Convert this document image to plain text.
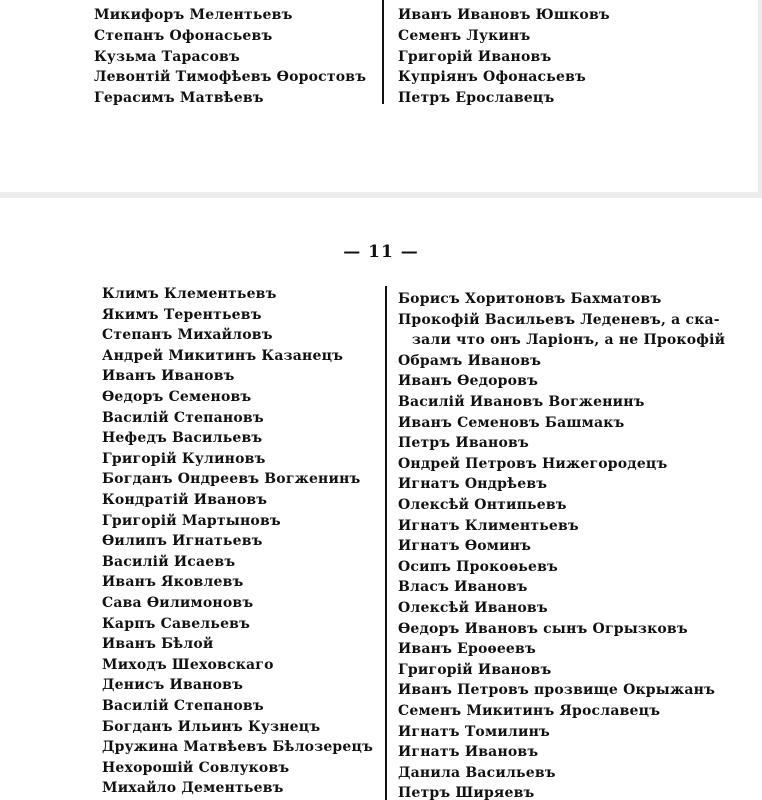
Микифоръ Мелентьевъ
Степанъ Офонасьевъ
Кузьма Тарасовъ
Левонтій Тимофѣевъ Ѳоростовъ
Герасимъ Матвѣевъ
Иванъ Ивановъ Юшковъ
Семенъ Лукинъ
Григорій Ивановъ
Купріянъ Офонасьевъ
Петръ Ерославецъ
— 11 —
Климъ Клементьевъ
Якимъ Терентьевъ
Степанъ Михайловъ
Андрей Микитинъ Казанецъ
Иванъ Ивановъ
Ѳедоръ Семеновъ
Василій Степановъ
Нефедъ Васильевъ
Григорій Кулиновъ
Богданъ Ондреевъ Вогженинъ
Кондратій Ивановъ
Григорій Мартыновъ
Ѳилипъ Игнатьевъ
Василій Исаевъ
Иванъ Яковлевъ
Сава Ѳилимоновъ
Карпъ Савельевъ
Иванъ Бѣлой
Миходъ Шеховскаго
Денисъ Ивановъ
Василій Степановъ
Богданъ Ильинъ Кузнецъ
Дружина Матвѣевъ Бѣлозерецъ
Нехорошій Совлуковъ
Михайло Дементьевъ
Борисъ Хоритоновъ Бахматовъ
Прокофій Васильевъ Леденевъ, а ска-
зали что онъ Ларіонъ, а не Прокофій
Обрамъ Ивановъ
Иванъ Ѳедоровъ
Василій Ивановъ Вогженинъ
Иванъ Семеновъ Башмакъ
Петръ Ивановъ
Ондрей Петровъ Нижегородецъ
Игнатъ Ондрѣевъ
Олексѣй Онтипьевъ
Игнатъ Климентьевъ
Игнатъ Ѳоминъ
Осипъ Прокоѳьевъ
Власъ Ивановъ
Олексѣй Ивановъ
Ѳедоръ Ивановъ сынъ Огрызковъ
Иванъ Ероѳеевъ
Григорій Ивановъ
Иванъ Петровъ прозвище Окрыжанъ
Семенъ Микитинъ Ярославецъ
Игнатъ Томилинъ
Игнатъ Ивановъ
Данила Васильевъ
Петръ Ширяевъ
